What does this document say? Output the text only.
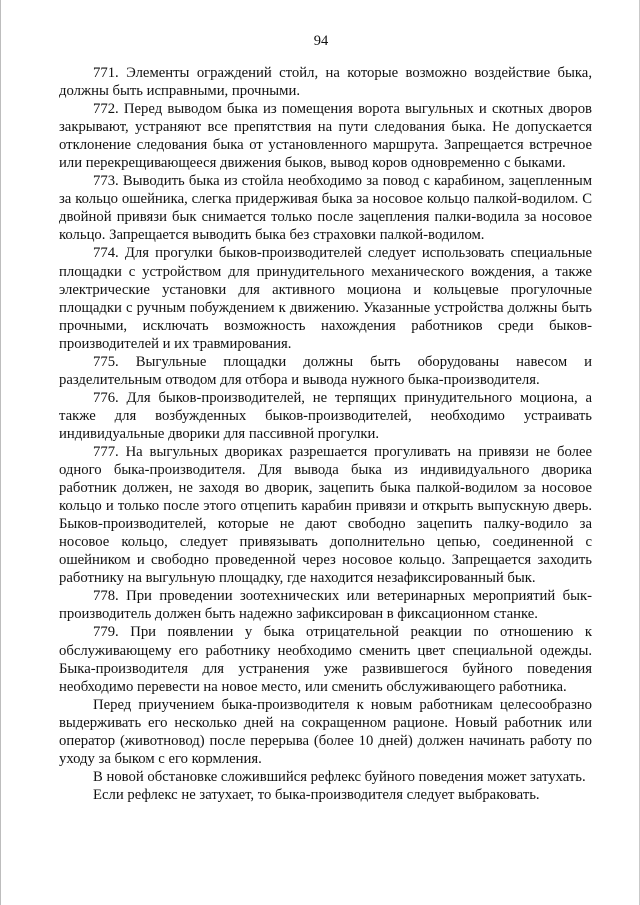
94

771. Элементы ограждений стойл, на которые возможно воздействие быка, должны быть исправными, прочными.

772. Перед выводом быка из помещения ворота выгульных и скотных дворов закрывают, устраняют все препятствия на пути следования быка. Не допускается отклонение следования быка от установленного маршрута. Запрещается встречное или перекрещивающееся движения быков, вывод коров одновременно с быками.

773. Выводить быка из стойла необходимо за повод с карабином, зацепленным за кольцо ошейника, слегка придерживая быка за носовое кольцо палкой-водилом. С двойной привязи бык снимается только после зацепления палки-водила за носовое кольцо. Запрещается выводить быка без страховки палкой-водилом.

774. Для прогулки быков-производителей следует использовать специальные площадки с устройством для принудительного механического вождения, а также электрические установки для активного моциона и кольцевые прогулочные площадки с ручным побуждением к движению. Указанные устройства должны быть прочными, исключать возможность нахождения работников среди быков-производителей и их травмирования.

775. Выгульные площадки должны быть оборудованы навесом и разделительным отводом для отбора и вывода нужного быка-производителя.

776. Для быков-производителей, не терпящих принудительного моциона, а также для возбужденных быков-производителей, необходимо устраивать индивидуальные дворики для пассивной прогулки.

777. На выгульных двориках разрешается прогуливать на привязи не более одного быка-производителя. Для вывода быка из индивидуального дворика работник должен, не заходя во дворик, зацепить быка палкой-водилом за носовое кольцо и только после этого отцепить карабин привязи и открыть выпускную дверь. Быков-производителей, которые не дают свободно зацепить палку-водило за носовое кольцо, следует привязывать дополнительно цепью, соединенной с ошейником и свободно проведенной через носовое кольцо. Запрещается заходить работнику на выгульную площадку, где находится незафиксированный бык.

778. При проведении зоотехнических или ветеринарных мероприятий бык-производитель должен быть надежно зафиксирован в фиксационном станке.

779. При появлении у быка отрицательной реакции по отношению к обслуживающему его работнику необходимо сменить цвет специальной одежды. Быка-производителя для устранения уже развившегося буйного поведения необходимо перевести на новое место, или сменить обслуживающего работника.

Перед приучением быка-производителя к новым работникам целесообразно выдерживать его несколько дней на сокращенном рационе. Новый работник или оператор (животновод) после перерыва (более 10 дней) должен начинать работу по уходу за быком с его кормления.

В новой обстановке сложившийся рефлекс буйного поведения может затухать.

Если рефлекс не затухает, то быка-производителя следует выбраковать.
